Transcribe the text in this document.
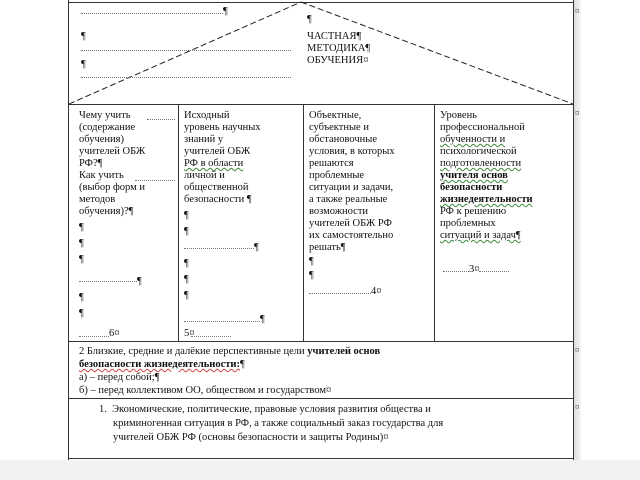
¶
¶
¶
¶
ЧАСТНАЯ¶
МЕТОДИКА¶
ОБУЧЕНИЯ¤
Чему учить
(содержание
обучения)
учителей ОБЖ
РФ?¶
Как учить
(выбор форм и
методов
обучения)?¶
¶
¶
¶
¶
¶
¶
6¤
Исходный
уровень научных
знаний у
учителей ОБЖ
РФ в области
личной и
общественной
безопасности ¶
¶
¶
¶
¶
¶
¶
¶
5¤
Объектные,
субъектные и
обстановочные
условия, в которых
решаются
проблемные
ситуации и задачи,
а также реальные
возможности
учителей ОБЖ РФ
их самостоятельно
решать¶
¶
¶
4¤
Уровень
профессиональной
обученности и
психологической
подготовленности
учителя основ
безопасности
жизнедеятельности
РФ к решению
проблемных
ситуаций и задач¶
3¤
2 Близкие, средние и далёкие перспективные цели учителей основ
безопасности жизнедеятельности:¶
а) – перед собой;¶
б) – перед коллективом ОО, обществом и государством¤
1.  Экономические, политические, правовые условия развития общества и
криминогенная ситуация в РФ, а также социальный заказ государства для
учителей ОБЖ РФ (основы безопасности и защиты Родины)¤
¤
¤
¤
¤
